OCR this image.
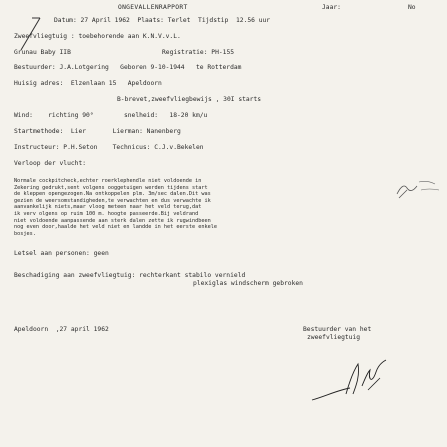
ONGEVALLENRAPPORT	Jaar:	No
Datum: 27 April 1962  Plaats: Terlet  Tijdstip  12.56 uur
Zweefvliegtuig : toebehorende aan K.N.V.v.L.
Grunau Baby IIB	Registratie: PH-155
Bestuurder: J.A.Lotgering   Geboren 9-10-1944   te Rotterdam
Huisig adres:  Elzenlaan 15   Apeldoorn
B-brevet,zweefvliegbewijs , 30I starts
Wind:    richting 90°        snelheid:   18-20 km/u
Startmethode:  Lier       Lierman: Nanenberg
Instructeur: P.H.Seton    Technicus: C.J.v.Bekelen
Verloop der vlucht:
Normale cockpitcheck,echter roerklephendle niet voldoende in
Zekering gedrukt,sent volgens ooggetuigen werden tijdens start
de kleppen opengezogen.Na ontkoppelen plm. 3m/sec dalen.Dit was
gezien de weersomstandigheden,te verwachten en dus verwachte ik
aanvankelijk niets,maar vloog meteen naar het veld terug,dat
ik verv olgens op ruim 100 m. hoogte passeerde.Bij veldrand
niet voldoende aanpassende aan sterk dalen zette ik rugwindbeen
nog even door,haalde het veld niet en landde in het eerste enkele
bosjes.
Letsel aan personen: geen
Beschadiging aan zweefvliegtuig: rechterkant stabilo vernield
plexiglas windscherm gebroken
Apeldoorn  ,27 april 1962	Bestuurder van het
zweefvliegtuig
